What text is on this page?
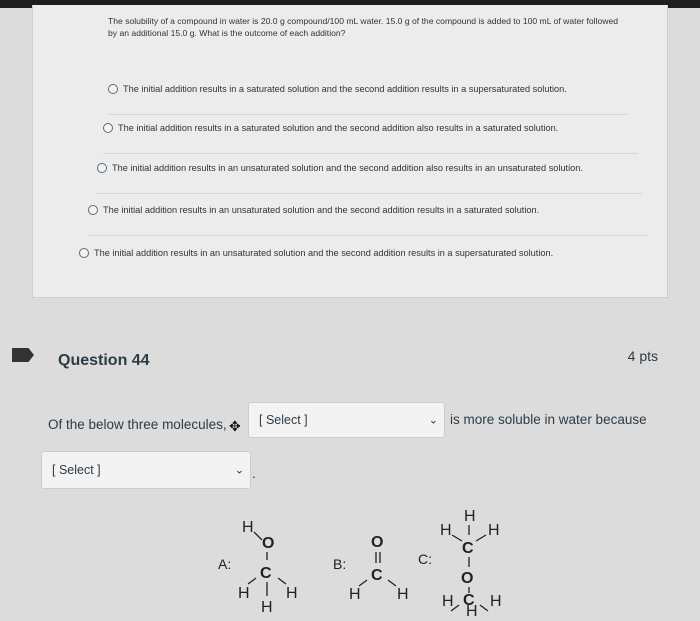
The solubility of a compound in water is 20.0 g compound/100 mL water. 15.0 g of the compound is added to 100 mL of water followed by an additional 15.0 g. What is the outcome of each addition?
The initial addition results in a saturated solution and the second addition results in a supersaturated solution.
The initial addition results in a saturated solution and the second addition also results in a saturated solution.
The initial addition results in an unsaturated solution and the second addition also results in an unsaturated solution.
The initial addition results in an unsaturated solution and the second addition results in a saturated solution.
The initial addition results in an unsaturated solution and the second addition results in a supersaturated solution.
Question 44	4 pts
Of the below three molecules, ✥ [ Select ]	⌄ is more soluble in water because
[ Select ]	⌄ .
A:
H
O
C
H H
H
B:
O
C
H H
C:
H
H H
C
O
C
H H
H
